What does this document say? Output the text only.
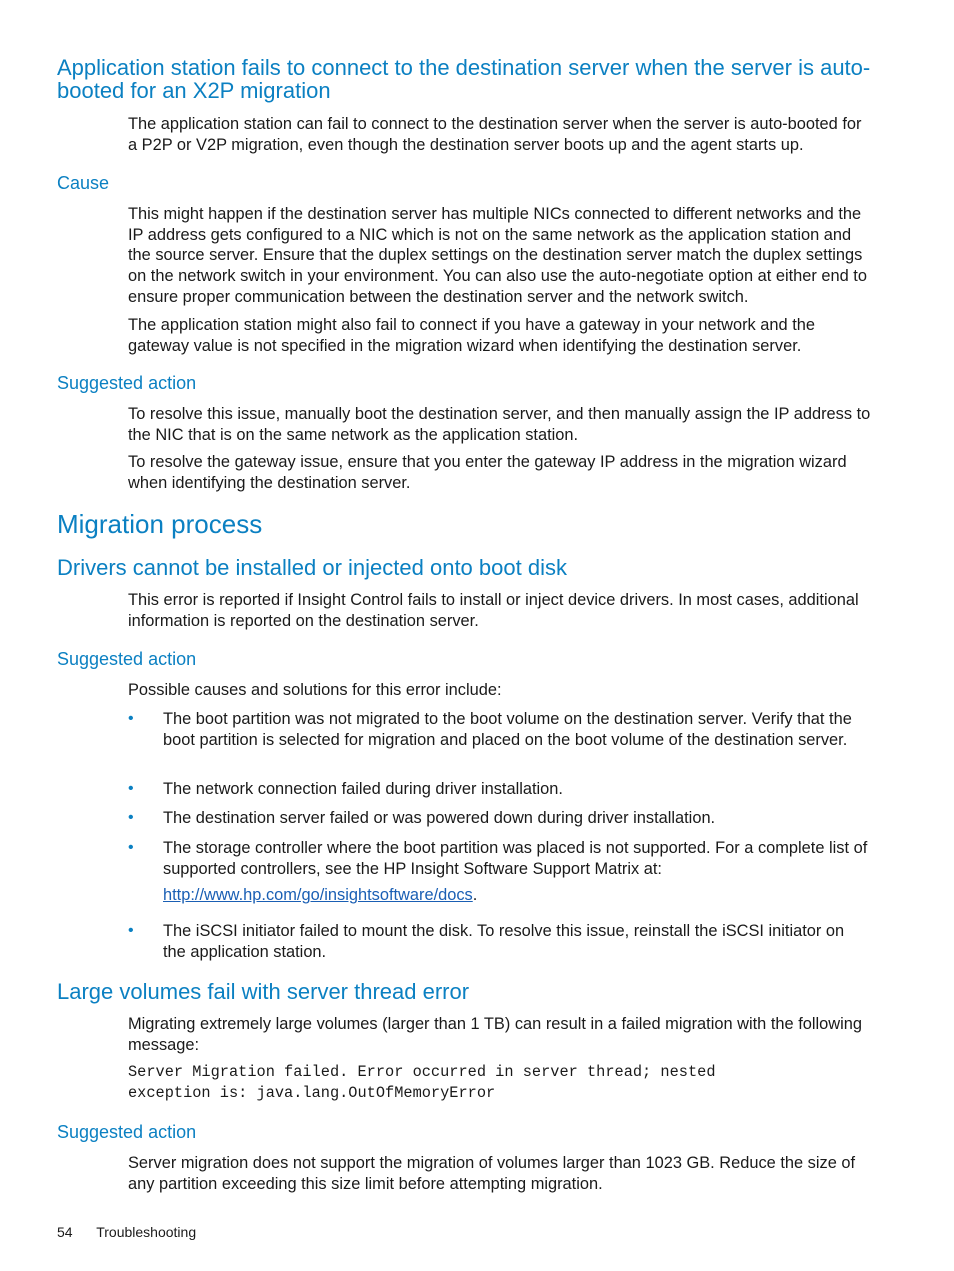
Application station fails to connect to the destination server when the server is auto-booted for an X2P migration

The application station can fail to connect to the destination server when the server is auto-booted for a P2P or V2P migration, even though the destination server boots up and the agent starts up.

Cause

This might happen if the destination server has multiple NICs connected to different networks and the IP address gets configured to a NIC which is not on the same network as the application station and the source server. Ensure that the duplex settings on the destination server match the duplex settings on the network switch in your environment. You can also use the auto-negotiate option at either end to ensure proper communication between the destination server and the network switch.

The application station might also fail to connect if you have a gateway in your network and the gateway value is not specified in the migration wizard when identifying the destination server.

Suggested action

To resolve this issue, manually boot the destination server, and then manually assign the IP address to the NIC that is on the same network as the application station.

To resolve the gateway issue, ensure that you enter the gateway IP address in the migration wizard when identifying the destination server.

Migration process
Drivers cannot be installed or injected onto boot disk

This error is reported if Insight Control fails to install or inject device drivers. In most cases, additional information is reported on the destination server.

Suggested action

Possible causes and solutions for this error include:

• The boot partition was not migrated to the boot volume on the destination server. Verify that the boot partition is selected for migration and placed on the boot volume of the destination server.
• The network connection failed during driver installation.
• The destination server failed or was powered down during driver installation.
• The storage controller where the boot partition was placed is not supported. For a complete list of supported controllers, see the HP Insight Software Support Matrix at:
http://www.hp.com/go/insightsoftware/docs.
• The iSCSI initiator failed to mount the disk. To resolve this issue, reinstall the iSCSI initiator on the application station.
Large volumes fail with server thread error

Migrating extremely large volumes (larger than 1 TB) can result in a failed migration with the following message:

Server Migration failed. Error occurred in server thread; nested
exception is: java.lang.OutOfMemoryError
Suggested action

Server migration does not support the migration of volumes larger than 1023 GB. Reduce the size of any partition exceeding this size limit before attempting migration.

54 Troubleshooting
